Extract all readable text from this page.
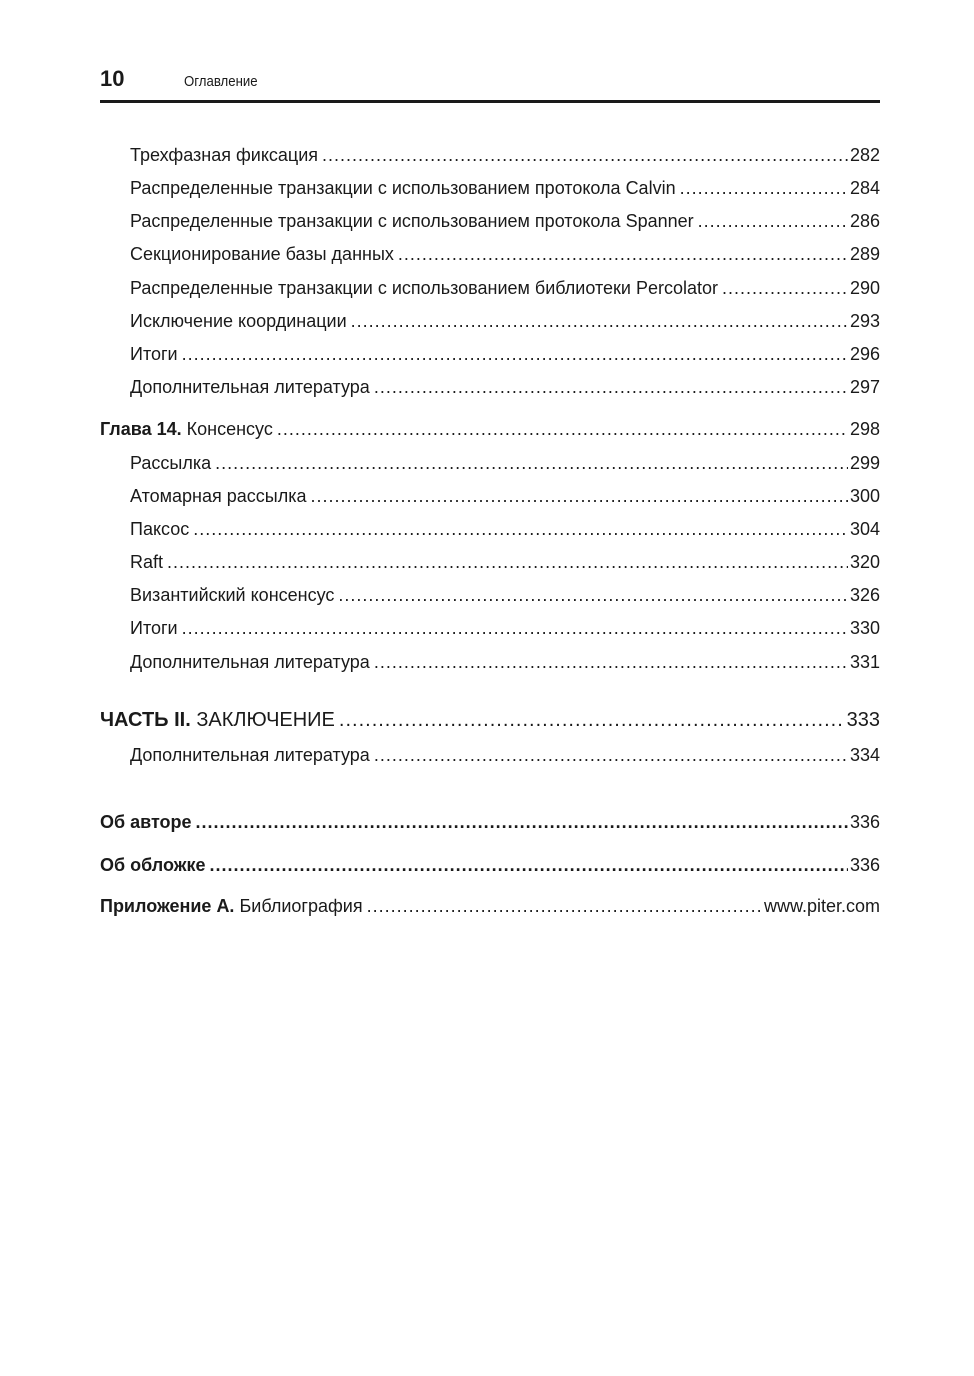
10	Оглавление
Трехфазная фиксация .....	282
Распределенные транзакции с использованием протокола Calvin .....	284
Распределенные транзакции с использованием протокола Spanner .....	286
Секционирование базы данных .....	289
Распределенные транзакции с использованием библиотеки Percolator .....	290
Исключение координации .....	293
Итоги .....	296
Дополнительная литература .....	297
Глава 14. Консенсус .....	298
Рассылка .....	299
Атомарная рассылка .....	300
Паксос .....	304
Raft .....	320
Византийский консенсус .....	326
Итоги .....	330
Дополнительная литература .....	331
ЧАСТЬ II. ЗАКЛЮЧЕНИЕ .....	333
Дополнительная литература .....	334
Об авторе .....	336
Об обложке .....	336
Приложение А. Библиография .....	www.piter.com
